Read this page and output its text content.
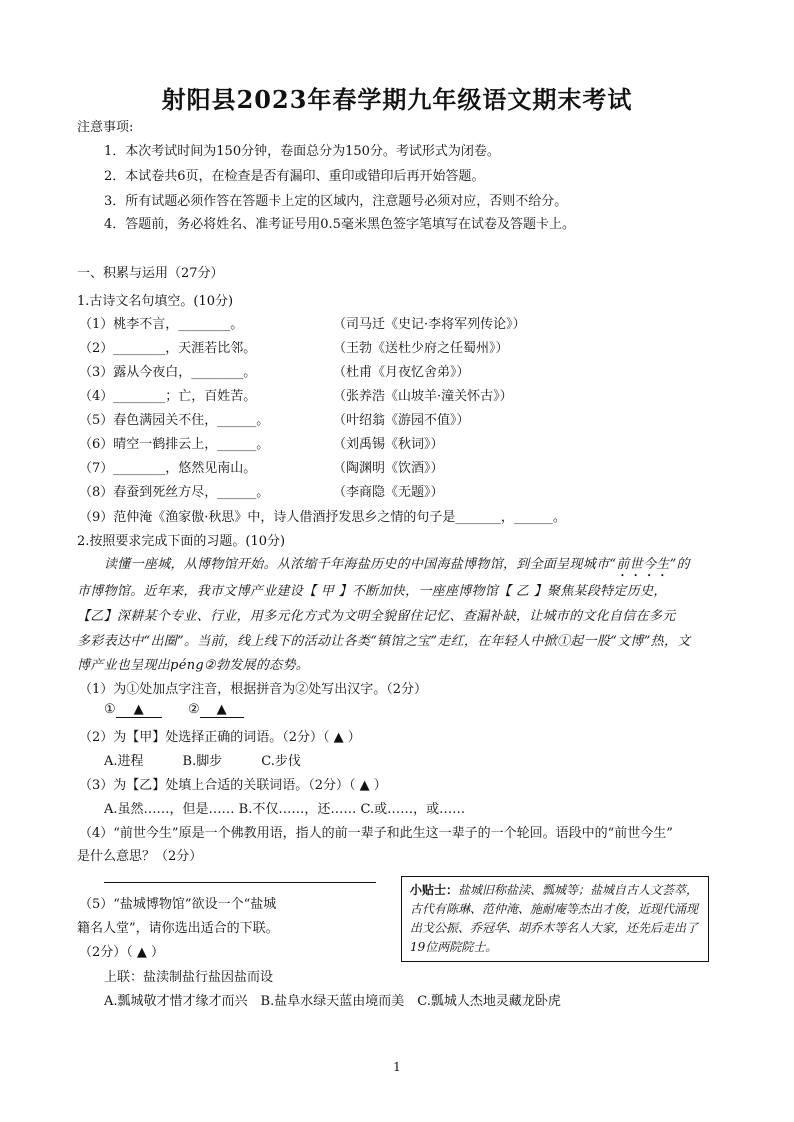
射阳县2023年春学期九年级语文期末考试
注意事项:
1．本次考试时间为150分钟，卷面总分为150分。考试形式为闭卷。
2．本试卷共6页，在检查是否有漏印、重印或错印后再开始答题。
3．所有试题必须作答在答题卡上定的区域内，注意题号必须对应，否则不给分。
4．答题前，务必将姓名、准考证号用0.5毫米黑色签字笔填写在试卷及答题卡上。
一、积累与运用（27分）
1.古诗文名句填空。(10分)
（1）桃李不言，________。	（司马迁《史记·李将军列传论》）
（2）________，天涯若比邻。	（王勃《送杜少府之任蜀州》）
（3）露从今夜白，________。	（杜甫《月夜忆舍弟》）
（4）________；亡，百姓苦。	（张养浩《山坡羊·潼关怀古》）
（5）春色满园关不住，______。	（叶绍翁《游园不值》）
（6）晴空一鹤排云上，______。	（刘禹锡《秋词》）
（7）________，悠然见南山。	（陶渊明《饮酒》）
（8）春蚕到死丝方尽，______。	（李商隐《无题》）
（9）范仲淹《渔家傲·秋思》中，诗人借酒抒发思乡之情的句子是_______，______。
2.按照要求完成下面的习题。(10分)
读懂一座城，从博物馆开始。从浓缩千年海盐历史的中国海盐博物馆，到全面呈现城市“前世今生”的
市博物馆。近年来，我市文博产业建设【 甲 】不断加快，一座座博物馆【 乙 】聚焦某段特定历史，
【乙】深耕某个专业、行业，用多元化方式为文明全貌留住记忆、查漏补缺，让城市的文化自信在多元
多彩表达中“出圈”。当前，线上线下的活动让各类“镇馆之宝”走红，在年轻人中掀①起一股“文博”热，文
博产业也呈现出péng②勃发展的态势。
（1）为①处加点字注音，根据拼音为②处写出汉字。（2分）
① ▲	② ▲
（2）为【甲】处选择正确的词语。（2分）（ ▲ ）
A.进程　　　B.脚步　　　C.步伐
（3）为【乙】处填上合适的关联词语。（2分）（ ▲ ）
A.虽然……，但是…… B.不仅……，还…… C.或……，或……
（4）“前世今生”原是一个佛教用语，指人的前一辈子和此生这一辈子的一个轮回。语段中的“前世今生”
是什么意思？（2分）
（5）“盐城博物馆”欲设一个“盐城
籍名人堂”，请你选出适合的下联。
（2分）（ ▲ ）
上联：盐渎制盐行盐因盐而设
A.瓢城敬才惜才缘才而兴　B.盐阜水绿天蓝由境而美　C.瓢城人杰地灵藏龙卧虎
小贴士：盐城旧称盐渎、瓢城等；盐城自古人文荟萃，古代有陈琳、范仲淹、施耐庵等杰出才俊，近现代涌现出戈公振、乔冠华、胡乔木等名人大家，还先后走出了19位两院院士。
1
